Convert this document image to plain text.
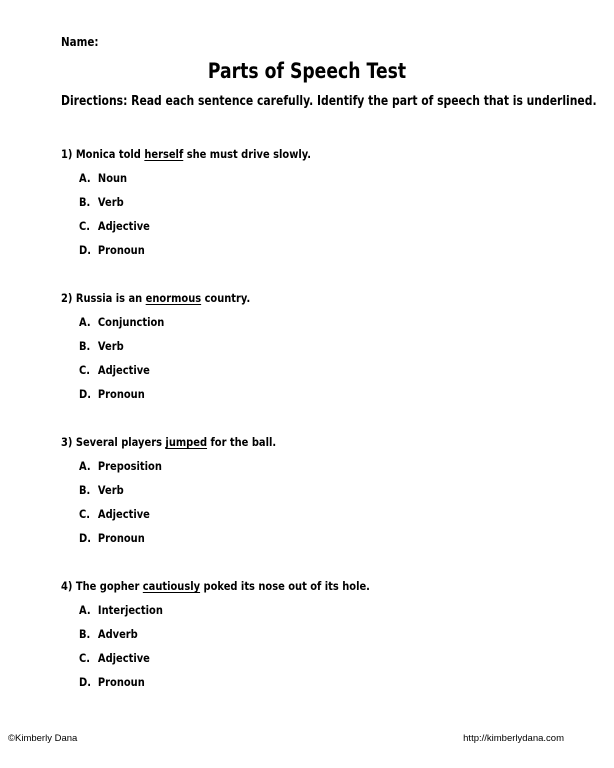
Name:
Parts of Speech Test
Directions: Read each sentence carefully. Identify the part of speech that is underlined.
1) Monica told herself she must drive slowly.
A. Noun
B. Verb
C. Adjective
D. Pronoun
2) Russia is an enormous country.
A. Conjunction
B. Verb
C. Adjective
D. Pronoun
3) Several players jumped for the ball.
A. Preposition
B. Verb
C. Adjective
D. Pronoun
4) The gopher cautiously poked its nose out of its hole.
A. Interjection
B. Adverb
C. Adjective
D. Pronoun
©Kimberly Dana	http://kimberlydana.com
